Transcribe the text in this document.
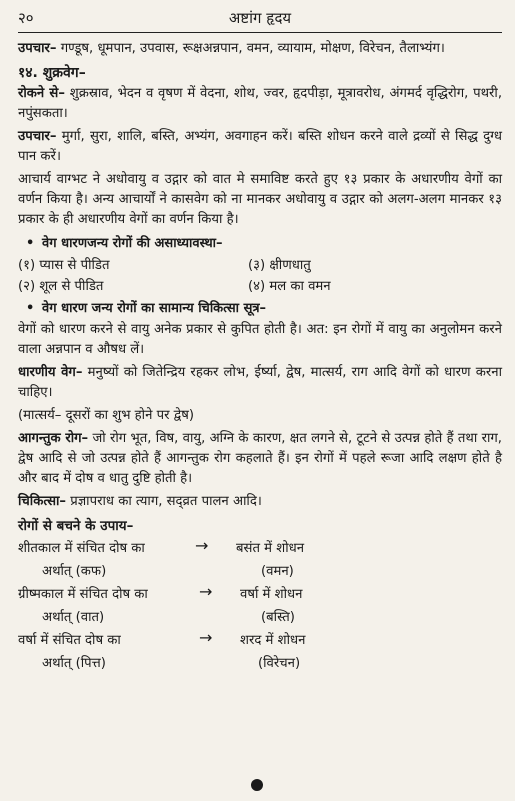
२०	अष्टांग हृदय

उपचार– गण्डूष, धूमपान, उपवास, रूक्षअन्नपान, वमन, व्यायाम, मोक्षण, विरेचन, तैलाभ्यंग।

१४. शुक्रवेग–

रोकने से– शुक्रस्राव, भेदन व वृषण में वेदना, शोथ, ज्वर, हृदपीड़ा, मूत्रावरोध, अंगमर्द वृद्धिरोग, पथरी, नपुंसकता।

उपचार– मुर्गा, सुरा, शालि, बस्ति, अभ्यंग, अवगाहन करें। बस्ति शोधन करने वाले द्रव्यों से सिद्ध दुग्ध पान करें।

आचार्य वाग्भट ने अधोवायु व उद्गार को वात मे समाविष्ट करते हुए १३ प्रकार के अधारणीय वेगों का वर्णन किया है। अन्य आचार्यों ने कासवेग को ना मानकर अधोवायु व उद्गार को अलग-अलग मानकर १३ प्रकार के ही अधारणीय वेगों का वर्णन किया है।

• वेग धारणजन्य रोगों की असाध्यावस्था–
(१) प्यास से पीडित	(३) क्षीणधातु
(२) शूल से पीडित	(४) मल का वमन
• वेग धारण जन्य रोगों का सामान्य चिकित्सा सूत्र–

वेगों को धारण करने से वायु अनेक प्रकार से कुपित होती है। अत: इन रोगों में वायु का अनुलोमन करने वाला अन्नपान व औषध लें।

धारणीय वेग– मनुष्यों को जितेन्द्रिय रहकर लोभ, ईर्ष्या, द्वेष, मात्सर्य, राग आदि वेगों को धारण करना चाहिए।

(मात्सर्य– दूसरों का शुभ होने पर द्वेष)

आगन्तुक रोग– जो रोग भूत, विष, वायु, अग्नि के कारण, क्षत लगने से, टूटने से उत्पन्न होते हैं तथा राग, द्वेष आदि से जो उत्पन्न होते हैं आगन्तुक रोग कहलाते हैं। इन रोगों में पहले रूजा आदि लक्षण होते है और बाद में दोष व धातु दुष्टि होती है।

चिकित्सा– प्रज्ञापराध का त्याग, सद्व्रत पालन आदि।

रोगों से बचने के उपाय–
शीतकाल में संचित दोष का	→ बसंत में शोधन
अर्थात् (कफ)	(वमन)
ग्रीष्मकाल में संचित दोष का	→ वर्षा में शोधन
अर्थात् (वात)	(बस्ति)
वर्षा में संचित दोष का	→ शरद में शोधन
अर्थात् (पित्त)	(विरेचन)
